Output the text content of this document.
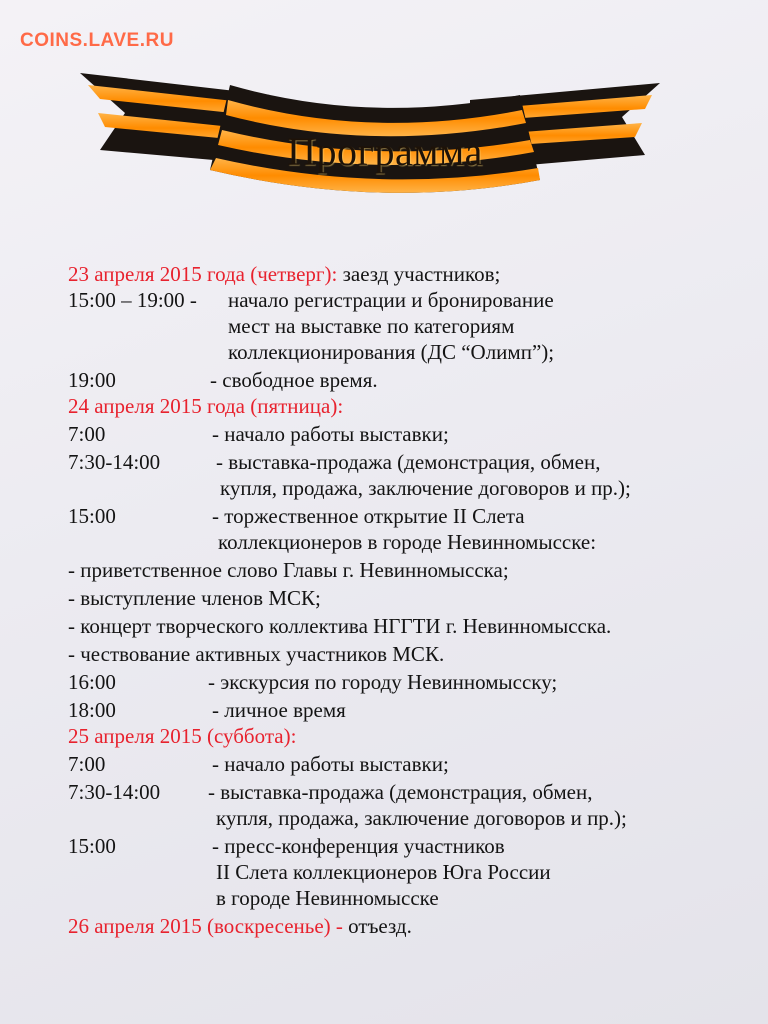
COINS.LAVE.RU
Программа
23 апреля 2015 года (четверг): заезд участников;
15:00 – 19:00 - начало регистрации и бронирование
мест на выставке по категориям
коллекционирования (ДС “Олимп”);
19:00	- свободное время.
24 апреля 2015 года (пятница):
7:00	- начало работы выставки;
7:30-14:00	- выставка-продажа (демонстрация, обмен,
купля, продажа, заключение договоров и пр.);
15:00	- торжественное открытие II Слета
коллекционеров в городе Невинномысске:
- приветственное слово Главы г. Невинномысска;
- выступление членов МСК;
- концерт творческого коллектива НГГТИ г. Невинномысска.
- чествование активных участников МСК.
16:00	- экскурсия по городу Невинномысску;
18:00	- личное время
25 апреля 2015 (суббота):
7:00	- начало работы выставки;
7:30-14:00 - выставка-продажа (демонстрация, обмен,
купля, продажа, заключение договоров и пр.);
15:00	- пресс-конференция участников
II Слета коллекционеров Юга России
в городе Невинномысске
26 апреля 2015 (воскресенье) - отъезд.
